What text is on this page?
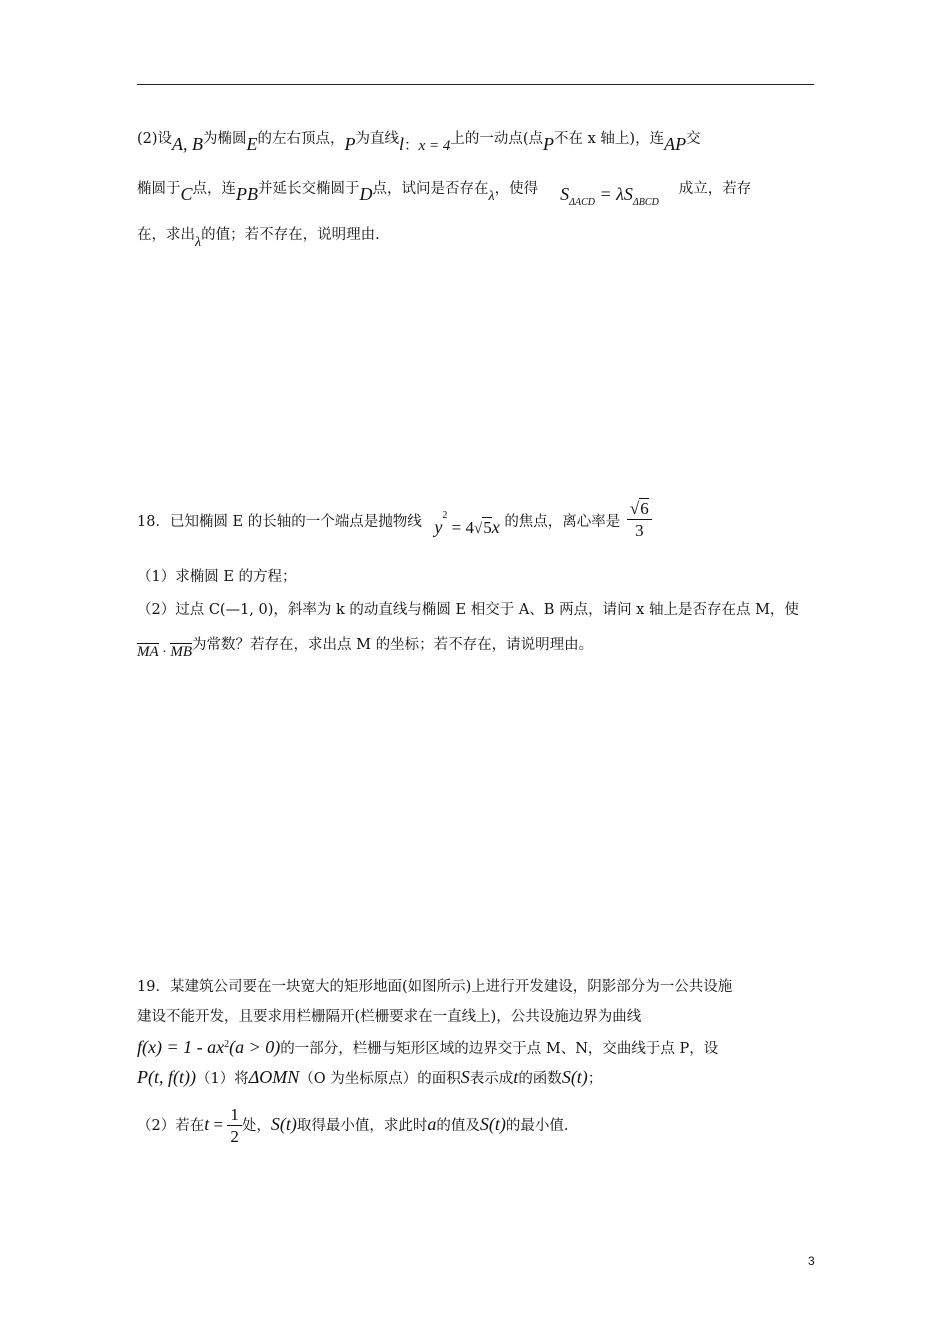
(2)设A, B为椭圆E的左右顶点，P为直线l：x = 4上的一动点(点P不在 x 轴上)，连AP交
椭圆于C点，连PB并延长交椭圆于D点，试问是否存在λ，使得 $S_{\Delta ACD} = \lambda S_{\Delta BCD}$成立，若存
在，求出λ的值；若不存在，说明理由.
18．已知椭圆 E 的长轴的一个端点是抛物线 $y^2 = 4√5x$ 的焦点，离心率是 $\frac{√6}{3}$
（1）求椭圆 E 的方程；
（2）过点 C(—1, 0)，斜率为 k 的动直线与椭圆 E 相交于 A、B 两点，请问 x 轴上是否存在点 M，使
MA · MB为常数？若存在，求出点 M 的坐标；若不存在，请说明理由。
19．某建筑公司要在一块宽大的矩形地面(如图所示)上进行开发建设，阴影部分为一公共设施
建设不能开发，且要求用栏栅隔开(栏栅要求在一直线上)，公共设施边界为曲线
$f(x) = 1 - ax^2(a > 0)$的一部分，栏栅与矩形区域的边界交于点 M、N，交曲线于点 P，设
P(t, f(t))（1）将ΔOMN（O 为坐标原点）的面积S表示成t的函数S(t)；
（2）若在$t = \frac{1}{2}$ 处，S(t)取得最小值，求此时a的值及S(t)的最小值.
3
